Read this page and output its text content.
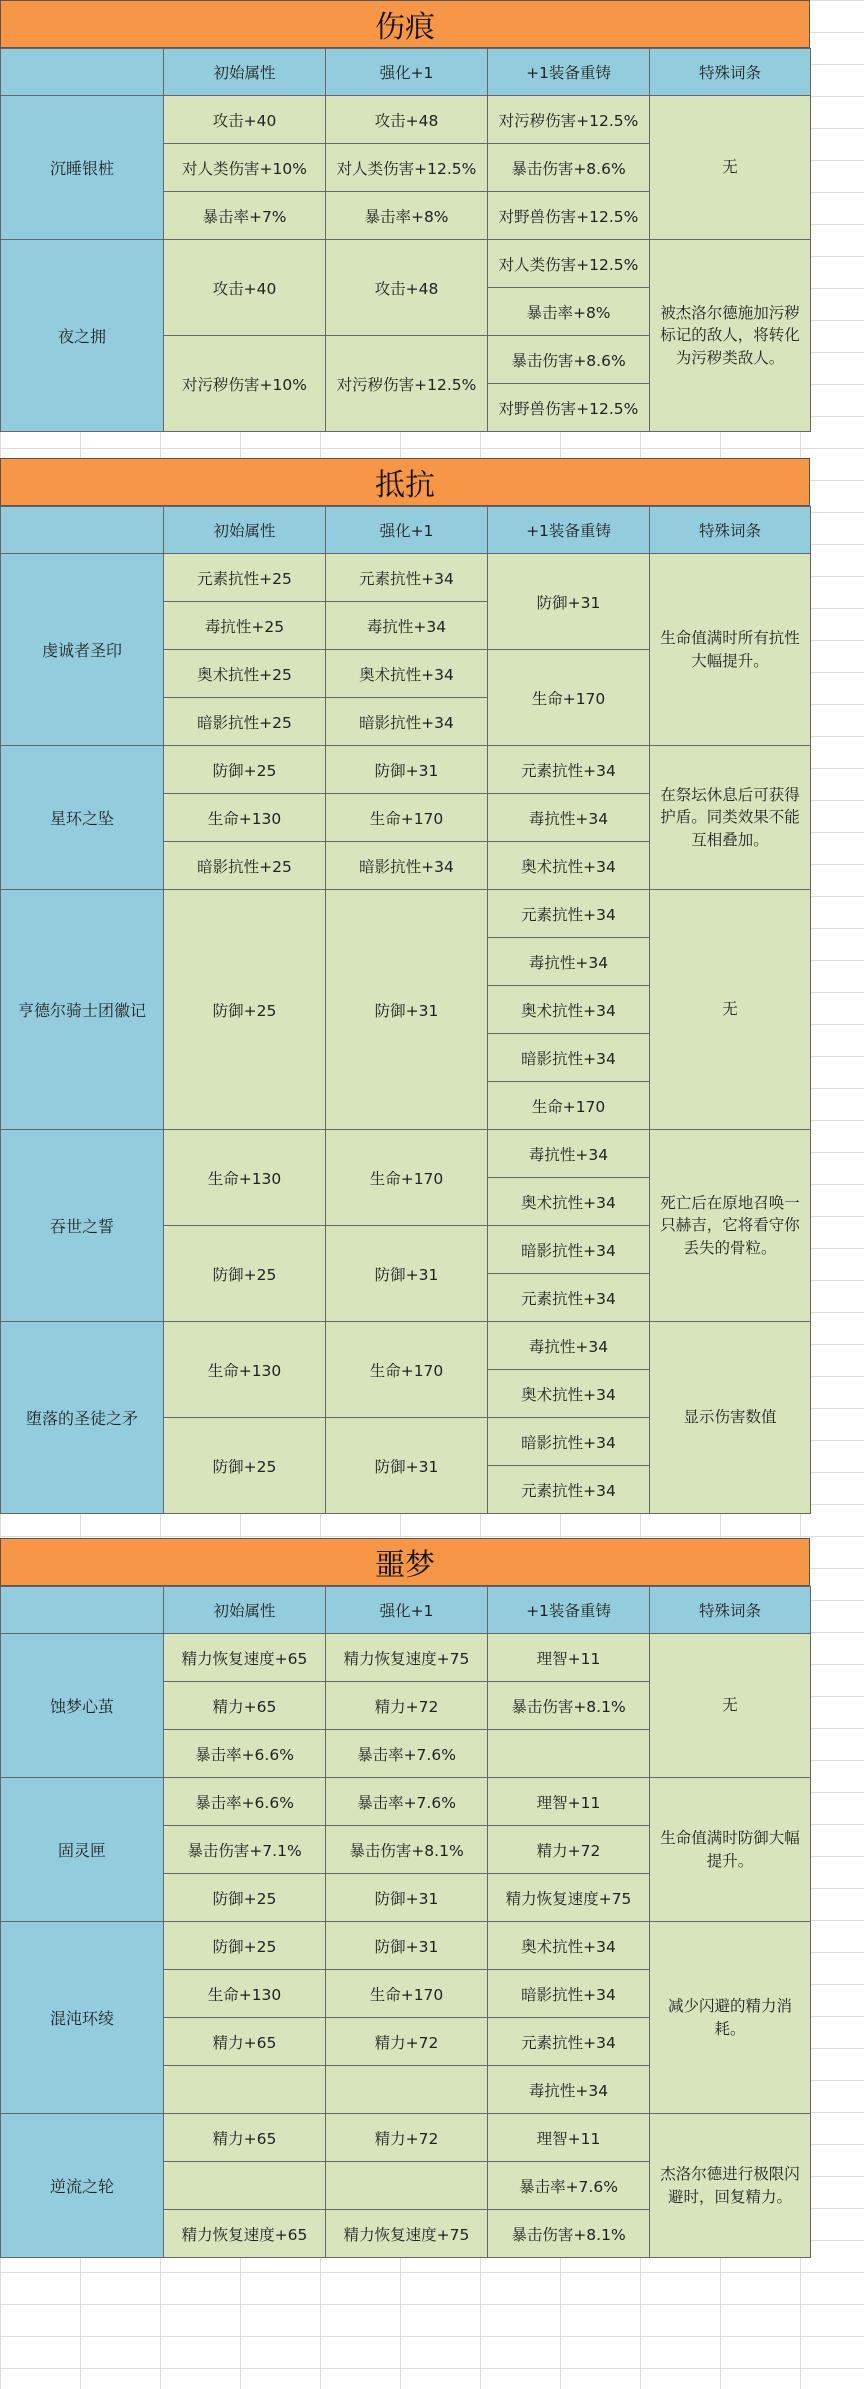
伤痕
	初始属性	强化+1	+1装备重铸	特殊词条
沉睡银桩	攻击+40	攻击+48	对污秽伤害+12.5%	无
	对人类伤害+10%	对人类伤害+12.5%	暴击伤害+8.6%	
	暴击率+7%	暴击率+8%	对野兽伤害+12.5%	
夜之拥	攻击+40	攻击+48	对人类伤害+12.5%	被杰洛尔德施加污秽标记的敌人，将转化为污秽类敌人。
			暴击率+8%	
	对污秽伤害+10%	对污秽伤害+12.5%	暴击伤害+8.6%	
			对野兽伤害+12.5%	
抵抗
	初始属性	强化+1	+1装备重铸	特殊词条
虔诚者圣印	元素抗性+25	元素抗性+34	防御+31	生命值满时所有抗性大幅提升。
	毒抗性+25	毒抗性+34		
	奥术抗性+25	奥术抗性+34	生命+170	
	暗影抗性+25	暗影抗性+34		
星环之坠	防御+25	防御+31	元素抗性+34	在祭坛休息后可获得护盾。同类效果不能互相叠加。
	生命+130	生命+170	毒抗性+34	
	暗影抗性+25	暗影抗性+34	奥术抗性+34	
亨德尔骑士团徽记	防御+25	防御+31	元素抗性+34	无
			毒抗性+34	
			奥术抗性+34	
			暗影抗性+34	
			生命+170	
吞世之誓	生命+130	生命+170	毒抗性+34	死亡后在原地召唤一只赫吉，它将看守你丢失的骨粒。
			奥术抗性+34	
	防御+25	防御+31	暗影抗性+34	
			元素抗性+34	
堕落的圣徒之矛	生命+130	生命+170	毒抗性+34	显示伤害数值
			奥术抗性+34	
	防御+25	防御+31	暗影抗性+34	
			元素抗性+34	
噩梦
	初始属性	强化+1	+1装备重铸	特殊词条
蚀梦心茧	精力恢复速度+65	精力恢复速度+75	理智+11	无
	精力+65	精力+72	暴击伤害+8.1%	
	暴击率+6.6%	暴击率+7.6%		
固灵匣	暴击率+6.6%	暴击率+7.6%	理智+11	生命值满时防御大幅提升。
	暴击伤害+7.1%	暴击伤害+8.1%	精力+72	
	防御+25	防御+31	精力恢复速度+75	
混沌环绫	防御+25	防御+31	奥术抗性+34	减少闪避的精力消耗。
	生命+130	生命+170	暗影抗性+34	
	精力+65	精力+72	元素抗性+34	
			毒抗性+34	
逆流之轮	精力+65	精力+72	理智+11	杰洛尔德进行极限闪避时，回复精力。
			暴击率+7.6%	
	精力恢复速度+65	精力恢复速度+75	暴击伤害+8.1%	
